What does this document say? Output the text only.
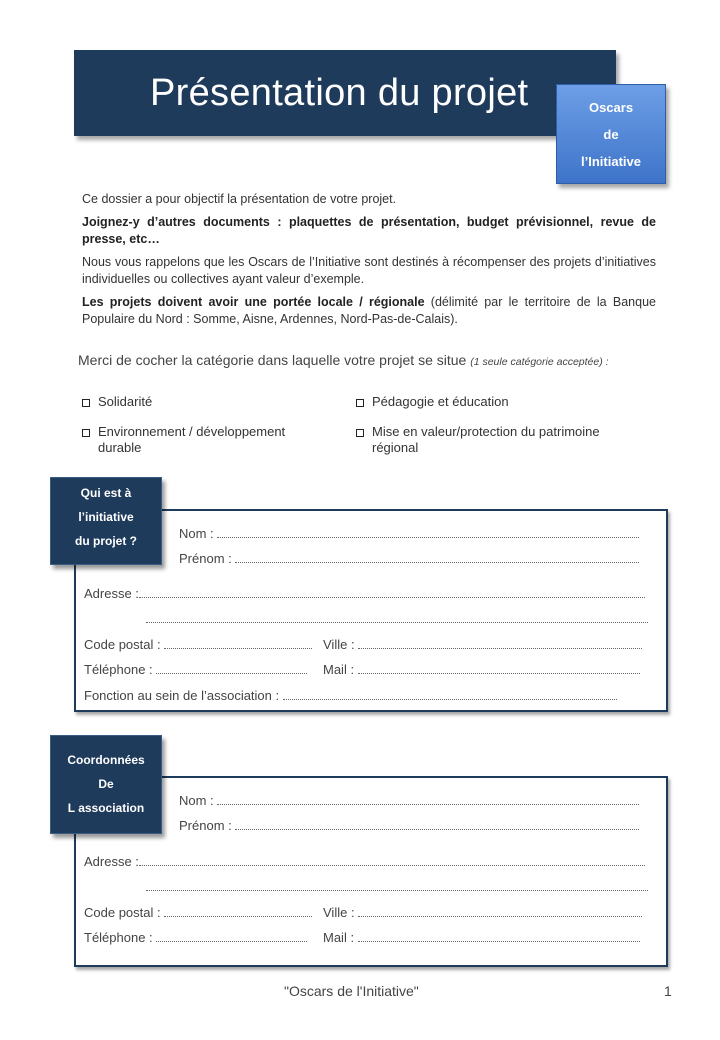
Présentation du projet	Oscars
de
l’Initiative

Ce dossier a pour objectif la présentation de votre projet.

Joignez-y d’autres documents : plaquettes de présentation, budget prévisionnel, revue de presse, etc…

Nous vous rappelons que les Oscars de l’Initiative sont destinés à récompenser des projets d’initiatives individuelles ou collectives ayant valeur d’exemple.

Les projets doivent avoir une portée locale / régionale (délimité par le territoire de la Banque Populaire du Nord : Somme, Aisne, Ardennes, Nord-Pas-de-Calais).

Merci de cocher la catégorie dans laquelle votre projet se situe (1 seule catégorie acceptée) :
Solidarité	Pédagogie et éducation
Environnement / développement durable
Mise en valeur/protection du patrimoine régional
Qui est à
l’initiative
du projet ?	Nom :
Prénom :
Adresse :
Code postal :	Ville :
Téléphone :	Mail :
Fonction au sein de l’association :
Coordonnées
De
L association	Nom :
Prénom :
Adresse :
Code postal :	Ville :
Téléphone :	Mail :
"Oscars de l'Initiative"	1
